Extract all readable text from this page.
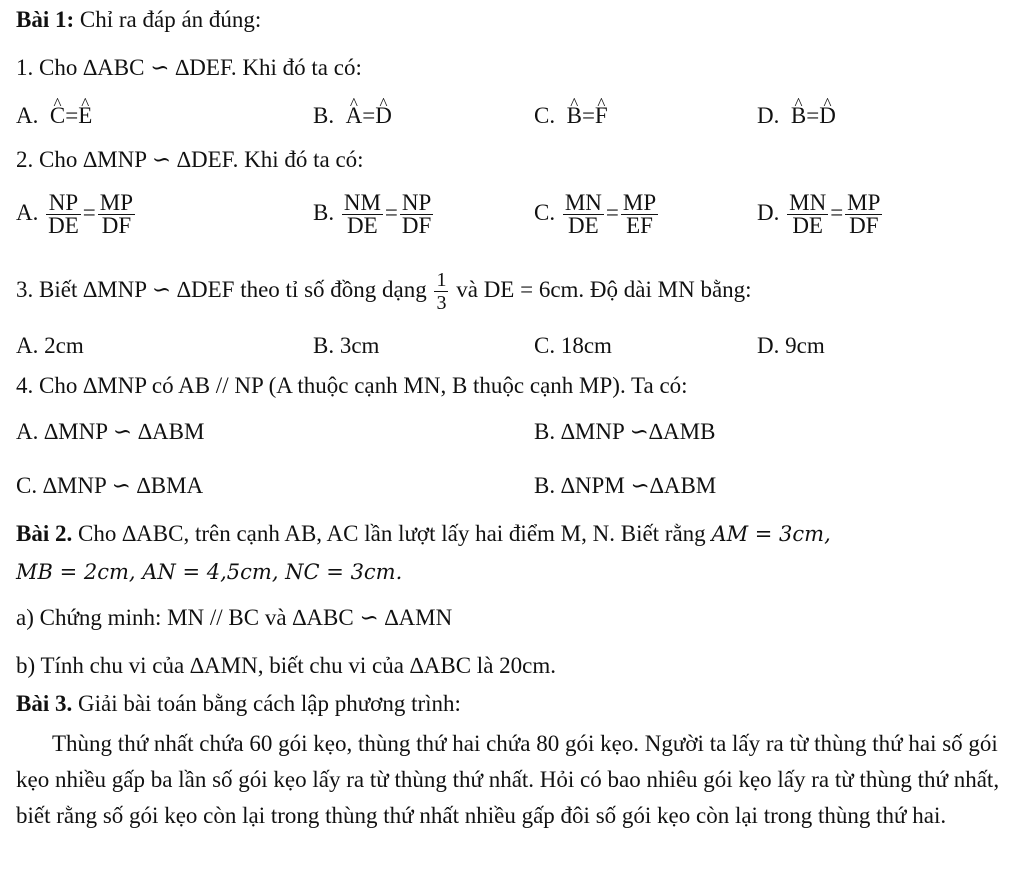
Bài 1: Chỉ ra đáp án đúng:
1. Cho ∆ABC ∽ ∆DEF. Khi đó ta có:
A. ^ C=^ E	B. ^ A=^ D	C. ^ B=^ F	D. ^ B=^ D
2. Cho ∆MNP ∽ ∆DEF. Khi đó ta có:
A. $\frac{NP}{DE} = \frac{MP}{DF}$	B. $\frac{NM}{DE} = \frac{NP}{DF}$	C. $\frac{MN}{DE} = \frac{MP}{EF}$	D. $\frac{MN}{DE} = \frac{MP}{DF}$
3. Biết ∆MNP ∽ ∆DEF theo tỉ số đồng dạng $\frac{1}{3}$ và DE = 6cm. Độ dài MN bằng:
A. 2cm	B. 3cm	C. 18cm	D. 9cm
4. Cho ∆MNP có AB // NP (A thuộc cạnh MN, B thuộc cạnh MP). Ta có:
A. ∆MNP ∽ ∆ABM	B. ∆MNP ∽∆AMB
C. ∆MNP ∽ ∆BMA	B. ∆NPM ∽∆ABM
Bài 2. Cho ∆ABC, trên cạnh AB, AC lần lượt lấy hai điểm M, N. Biết rằng AM = 3cm,
MB = 2cm, AN = 4,5cm, NC = 3cm.
a) Chứng minh: MN // BC và ∆ABC ∽ ∆AMN
b) Tính chu vi của ∆AMN, biết chu vi của ∆ABC là 20cm.
Bài 3. Giải bài toán bằng cách lập phương trình:
Thùng thứ nhất chứa 60 gói kẹo, thùng thứ hai chứa 80 gói kẹo. Người ta lấy ra từ thùng thứ hai số gói kẹo nhiều gấp ba lần số gói kẹo lấy ra từ thùng thứ nhất. Hỏi có bao nhiêu gói kẹo lấy ra từ thùng thứ nhất, biết rằng số gói kẹo còn lại trong thùng thứ nhất nhiều gấp đôi số gói kẹo còn lại trong thùng thứ hai.
